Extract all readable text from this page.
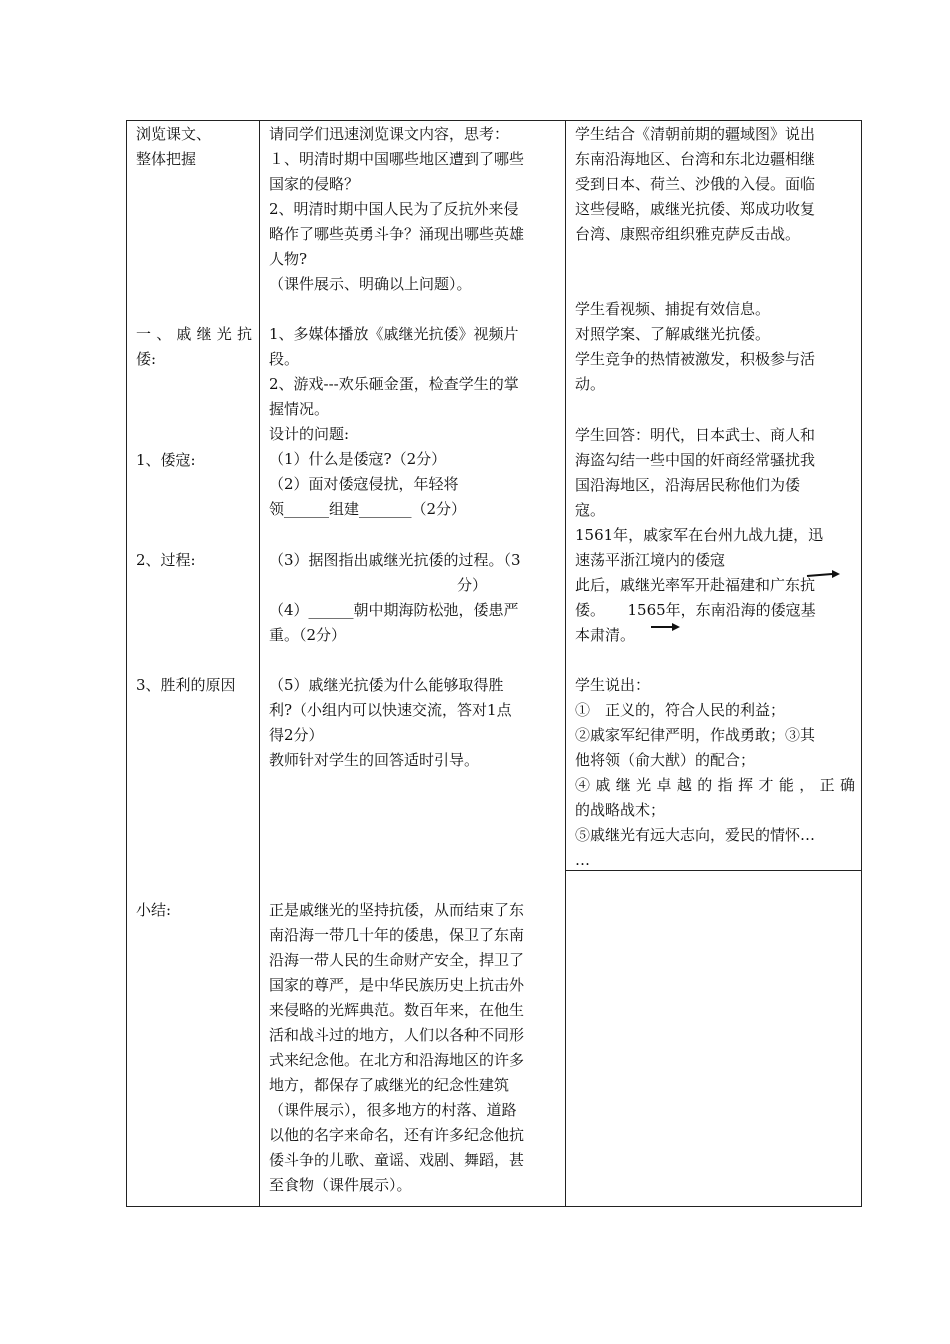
浏览课文、

整体把握

一、戚继光抗

倭:

1、倭寇:

2、过程:

3、胜利的原因

小结:

请同学们迅速浏览课文内容，思考：

１、明清时期中国哪些地区遭到了哪些

国家的侵略？

2、明清时期中国人民为了反抗外来侵

略作了哪些英勇斗争？涌现出哪些英雄

人物?

（课件展示、明确以上问题）。

1、多媒体播放《戚继光抗倭》视频片

段。

2、游戏---欢乐砸金蛋，检查学生的掌

握情况。

设计的问题:

（1）什么是倭寇?（2分）

（2）面对倭寇侵扰，年轻将

领______组建_______（2分）

（3）据图指出戚继光抗倭的过程。（3

分）

（4）______朝中期海防松弛，倭患严

重。（2分）

（5）戚继光抗倭为什么能够取得胜

利?（小组内可以快速交流，答对1点

得2分）

教师针对学生的回答适时引导。

正是戚继光的坚持抗倭，从而结束了东

南沿海一带几十年的倭患，保卫了东南

沿海一带人民的生命财产安全，捍卫了

国家的尊严，是中华民族历史上抗击外

来侵略的光辉典范。数百年来，在他生

活和战斗过的地方，人们以各种不同形

式来纪念他。在北方和沿海地区的许多

地方，都保存了戚继光的纪念性建筑

（课件展示），很多地方的村落、道路

以他的名字来命名，还有许多纪念他抗

倭斗争的儿歌、童谣、戏剧、舞蹈，甚

至食物（课件展示）。

学生结合《清朝前期的疆域图》说出

东南沿海地区、台湾和东北边疆相继

受到日本、荷兰、沙俄的入侵。面临

这些侵略，戚继光抗倭、郑成功收复

台湾、康熙帝组织雅克萨反击战。

学生看视频、捕捉有效信息。

对照学案、了解戚继光抗倭。

学生竞争的热情被激发，积极参与活

动。

学生回答：明代，日本武士、商人和

海盗勾结一些中国的奸商经常骚扰我

国沿海地区，沿海居民称他们为倭

寇。

1561年，戚家军在台州九战九捷，迅

速荡平浙江境内的倭寇

此后，戚继光率军开赴福建和广东抗

倭。　　1565年，东南沿海的倭寇基

本肃清。

学生说出：

①　正义的，符合人民的利益；

②戚家军纪律严明，作战勇敢；③其

他将领（俞大猷）的配合；

④戚继光卓越的指挥才能，正确

的战略战术；

⑤戚继光有远大志向，爱民的情怀…

…
